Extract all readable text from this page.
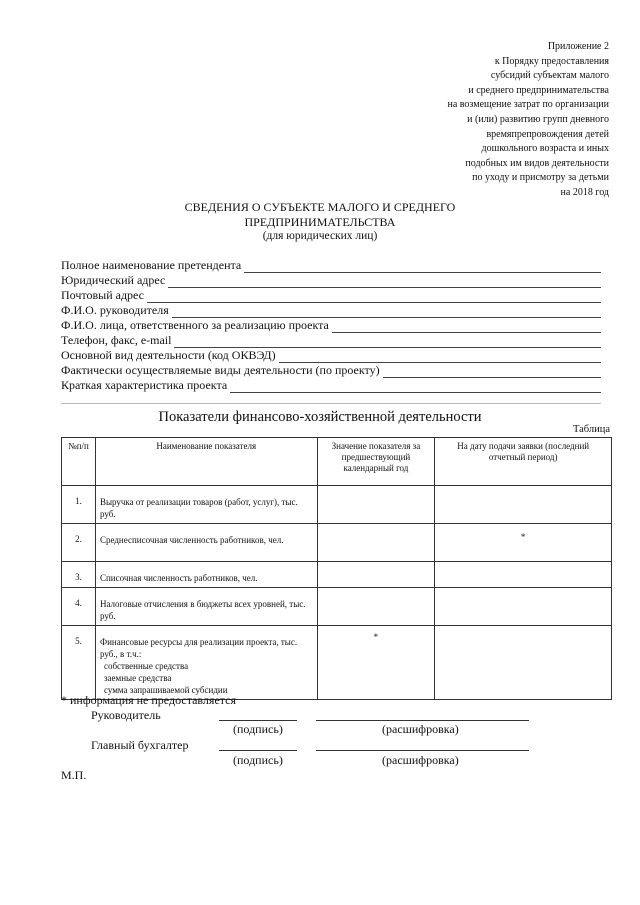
Приложение 2
к Порядку предоставления
субсидий субъектам малого
и среднего предпринимательства
на возмещение затрат по организации
и (или) развитию групп дневного
времяпрепровождения детей
дошкольного возраста и иных
подобных им видов деятельности
по уходу и присмотру за детьми
на 2018 год
СВЕДЕНИЯ О СУБЪЕКТЕ МАЛОГО И СРЕДНЕГО
ПРЕДПРИНИМАТЕЛЬСТВА
(для юридических лиц)
Полное наименование претендента
Юридический адрес
Почтовый адрес
Ф.И.О. руководителя
Ф.И.О. лица, ответственного за реализацию проекта
Телефон, факс, e-mail
Основной вид деятельности (код ОКВЭД)
Фактически осуществляемые виды деятельности (по проекту)
Краткая характеристика проекта
Показатели финансово-хозяйственной деятельности
Таблица
№п/п	Наименование показателя	Значение показателя за предшествующий календарный год	На дату подачи заявки (последний отчетный период)
1.	Выручка от реализации товаров (работ, услуг), тыс. руб.		
2.	Среднесписочная численность работников, чел.		*
3.	Списочная численность работников, чел.		
4.	Налоговые отчисления в бюджеты всех уровней, тыс. руб.		
5.	Финансовые ресурсы для реализации проекта, тыс. руб., в т.ч.:
собственные средства
заемные средства
сумма запрашиваемой субсидии	*	
* информация не предоставляется
Руководитель
(подпись)	(расшифровка)
Главный бухгалтер
(подпись)	(расшифровка)
М.П.
